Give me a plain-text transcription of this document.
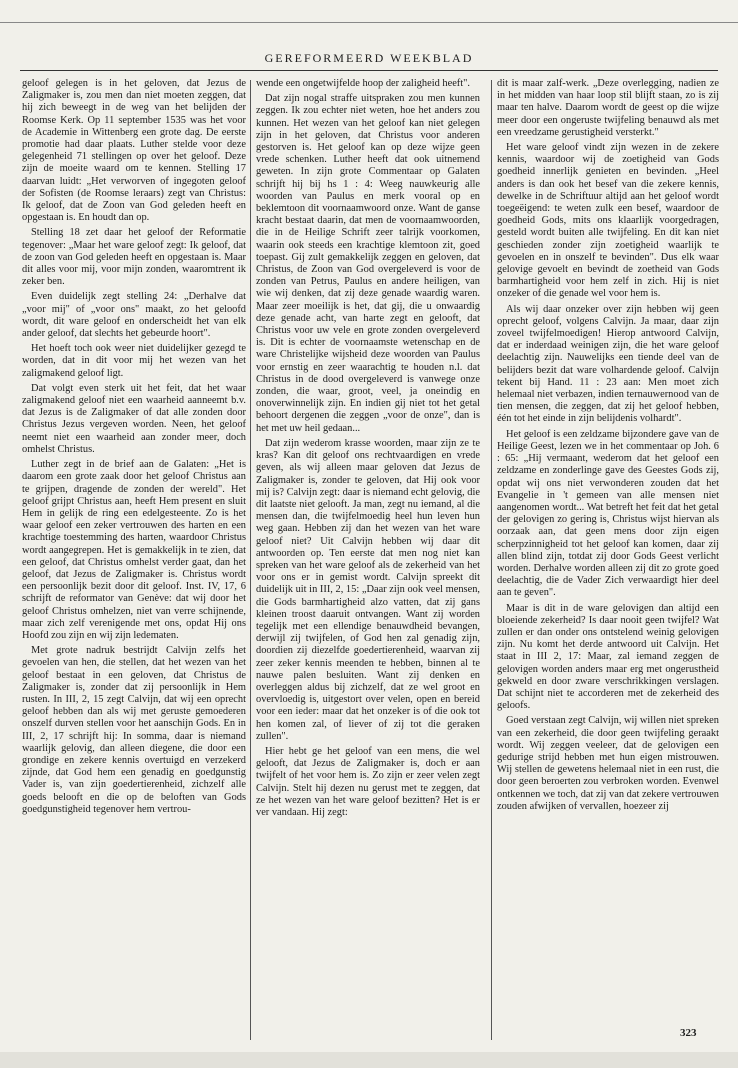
GEREFORMEERD WEEKBLAD

geloof gelegen is in het geloven, dat Jezus de Zaligmaker is, zou men dan niet moeten zeggen, dat hij zich beweegt in de weg van het belijden der Roomse Kerk. Op 11 september 1535 was het voor de Academie in Wittenberg een grote dag. De eerste promotie had daar plaats. Luther stelde voor deze gelegenheid 71 stellingen op over het geloof. Deze zijn de moeite waard om te kennen. Stelling 17 daarvan luidt: „Het verworven of ingegoten geloof der Sofisten (de Roomse leraars) zegt van Christus: Ik geloof, dat de Zoon van God geleden heeft en opgestaan is. En houdt dan op.

Stelling 18 zet daar het geloof der Reformatie tegenover: „Maar het ware geloof zegt: Ik geloof, dat de zoon van God geleden heeft en opgestaan is. Maar dit alles voor mij, voor mijn zonden, waaromtrent ik zeker ben.

Even duidelijk zegt stelling 24: „Derhalve dat „voor mij" of „voor ons" maakt, zo het geloofd wordt, dit ware geloof en onderscheidt het van elk ander geloof, dat slechts het gebeurde hoort".

Het hoeft toch ook weer niet duidelijker gezegd te worden, dat in dit voor mij het wezen van het zaligmakend geloof ligt.

Dat volgt even sterk uit het feit, dat het waar zaligmakend geloof niet een waarheid aanneemt b.v. dat Jezus is de Zaligmaker of dat alle zonden door Christus Jezus vergeven worden. Neen, het geloof neemt niet een waarheid aan zonder meer, doch omhelst Christus.

Luther zegt in de brief aan de Galaten: „Het is daarom een grote zaak door het geloof Christus aan te grijpen, dragende de zonden der wereld". Het geloof grijpt Christus aan, heeft Hem present en sluit Hem in gelijk de ring een edelgesteente. Zo is het waar geloof een zeker vertrouwen des harten en een krachtige toestemming des harten, waardoor Christus wordt aangegrepen. Het is gemakkelijk in te zien, dat een geloof, dat Christus omhelst verder gaat, dan het geloof, dat Jezus de Zaligmaker is. Christus wordt een persoonlijk bezit door dit geloof. Inst. IV, 17, 6 schrijft de reformator van Genève: dat wij door het geloof Christus omhelzen, niet van verre schijnende, maar zich zelf verenigende met ons, opdat Hij ons Hoofd zou zijn en wij zijn ledematen.

Met grote nadruk bestrijdt Calvijn zelfs het gevoelen van hen, die stellen, dat het wezen van het geloof bestaat in een geloven, dat Christus de Zaligmaker is, zonder dat zij persoonlijk in Hem rusten. In III, 2, 15 zegt Calvijn, dat wij een oprecht geloof hebben dan als wij met geruste gemoederen onszelf durven stellen voor het aanschijn Gods. En in III, 2, 17 schrijft hij: In somma, daar is niemand waarlijk gelovig, dan alleen diegene, die door een grondige en zekere kennis overtuigd en verzekerd zijnde, dat God hem een genadig en goedgunstig Vader is, van zijn goedertierenheid, zichzelf alle goeds belooft en die op de beloften van Gods goedgunstigheid tegenover hem vertrou-

wende een ongetwijfelde hoop der zaligheid heeft".

Dat zijn nogal straffe uitspraken zou men kunnen zeggen. Ik zou echter niet weten, hoe het anders zou kunnen. Het wezen van het geloof kan niet gelegen zijn in het geloven, dat Christus voor anderen gestorven is. Het geloof kan op deze wijze geen vrede schenken. Luther heeft dat ook uitnemend geweten. In zijn grote Commentaar op Galaten schrijft hij bij hs 1 : 4: Weeg nauwkeurig alle woorden van Paulus en merk vooral op en beklemtoon dit voornaamwoord onze. Want de ganse kracht bestaat daarin, dat men de voornaamwoorden, die in de Heilige Schrift zeer talrijk voorkomen, waarin ook steeds een krachtige klemtoon zit, goed toepast. Gij zult gemakkelijk zeggen en geloven, dat Christus, de Zoon van God overgeleverd is voor de zonden van Petrus, Paulus en andere heiligen, van wie wij denken, dat zij deze genade waardig waren. Maar zeer moeilijk is het, dat gij, die u onwaardig deze genade acht, van harte zegt en gelooft, dat Christus voor uw vele en grote zonden overgeleverd is. Dit is echter de voornaamste wetenschap en de ware Christelijke wijsheid deze woorden van Paulus voor ernstig en zeer waarachtig te houden n.l. dat Christus in de dood overgeleverd is vanwege onze zonden, die waar, groot, veel, ja oneindig en onoverwinnelijk zijn. En indien gij niet tot het getal behoort dergenen die zeggen „voor de onze", dan is het met uw heil gedaan...

Dat zijn wederom krasse woorden, maar zijn ze te kras? Kan dit geloof ons rechtvaardigen en vrede geven, als wij alleen maar geloven dat Jezus de Zaligmaker is, zonder te geloven, dat Hij ook voor mij is? Calvijn zegt: daar is niemand echt gelovig, die dit laatste niet gelooft. Ja man, zegt nu iemand, al die mensen dan, die twijfelmoedig heel hun leven hun weg gaan. Hebben zij dan het wezen van het ware geloof niet? Uit Calvijn hebben wij daar dit antwoorden op. Ten eerste dat men nog niet kan spreken van het ware geloof als de zekerheid van het voor ons er in gemist wordt. Calvijn spreekt dit duidelijk uit in III, 2, 15: „Daar zijn ook veel mensen, die Gods barmhartigheid alzo vatten, dat zij gans kleinen troost daaruit ontvangen. Want zij worden tegelijk met een ellendige benauwdheid bevangen, derwijl zij twijfelen, of God hen zal genadig zijn, doordien zij diezelfde goedertierenheid, waarvan zij zeer zeker kennis meenden te hebben, binnen al te nauwe palen besluiten. Want zij denken en overleggen aldus bij zichzelf, dat ze wel groot en overvloedig is, uitgestort over velen, open en bereid voor een ieder: maar dat het onzeker is of die ook tot hen komen zal, of liever of zij tot die geraken zullen".

Hier hebt ge het geloof van een mens, die wel gelooft, dat Jezus de Zaligmaker is, doch er aan twijfelt of het voor hem is. Zo zijn er zeer velen zegt Calvijn. Stelt hij dezen nu gerust met te zeggen, dat ze het wezen van het ware geloof bezitten? Het is er ver vandaan. Hij zegt:

dit is maar zalf-werk. „Deze overlegging, nadien ze in het midden van haar loop stil blijft staan, zo is zij maar ten halve. Daarom wordt de geest op die wijze meer door een ongeruste twijfeling benauwd als met een vreedzame gerustigheid versterkt."

Het ware geloof vindt zijn wezen in de zekere kennis, waardoor wij de zoetigheid van Gods goedheid innerlijk genieten en bevinden. „Heel anders is dan ook het besef van die zekere kennis, dewelke in de Schriftuur altijd aan het geloof wordt toegeëigend: te weten zulk een besef, waardoor de goedheid Gods, mits ons klaarlijk voorgedragen, gesteld wordt buiten alle twijfeling. En dit kan niet geschieden zonder zijn zoetigheid waarlijk te gevoelen en in onszelf te bevinden". Dus elk waar gelovige gevoelt en bevindt de zoetheid van Gods barmhartigheid voor hem zelf in zich. Hij is niet onzeker of die genade wel voor hem is.

Als wij daar onzeker over zijn hebben wij geen oprecht geloof, volgens Calvijn. Ja maar, daar zijn zoveel twijfelmoedigen! Hierop antwoord Calvijn, dat er inderdaad weinigen zijn, die het ware geloof deelachtig zijn. Nauwelijks een tiende deel van de belijders bezit dat ware volhardende geloof. Calvijn tekent bij Hand. 11 : 23 aan: Men moet zich helemaal niet verbazen, indien ternauwernood van de tien mensen, die zeggen, dat zij het geloof hebben, één tot het einde in zijn belijdenis volhardt".

Het geloof is een zeldzame bijzondere gave van de Heilige Geest, lezen we in het commentaar op Joh. 6 : 65: „Hij vermaant, wederom dat het geloof een zeldzame en zonderlinge gave des Geestes Gods zij, opdat wij ons niet verwonderen zouden dat het Evangelie in 't gemeen van alle mensen niet aangenomen wordt... Wat betreft het feit dat het getal der gelovigen zo gering is, Christus wijst hiervan als oorzaak aan, dat geen mens door zijn eigen scherpzinnigheid tot het geloof kan komen, daar zij allen blind zijn, totdat zij door Gods Geest verlicht worden. Derhalve worden alleen zij dit zo grote goed deelachtig, die de Vader Zich verwaardigt hier deel aan te geven".

Maar is dit in de ware gelovigen dan altijd een bloeiende zekerheid? Is daar nooit geen twijfel? Wat zullen er dan onder ons ontstelend weinig gelovigen zijn. Nu komt het derde antwoord uit Calvijn. Het staat in III 2, 17: Maar, zal iemand zeggen de gelovigen worden anders maar erg met ongerustheid gekweld en door zware verschrikkingen verslagen. Dat schijnt niet te accorderen met de zekerheid des geloofs.

Goed verstaan zegt Calvijn, wij willen niet spreken van een zekerheid, die door geen twijfeling geraakt wordt. Wij zeggen veeleer, dat de gelovigen een gedurige strijd hebben met hun eigen mistrouwen. Wij stellen de gewetens helemaal niet in een rust, die door geen beroerten zou verbroken worden. Evenwel ontkennen we toch, dat zij van dat zekere vertrouwen zouden afwijken of vervallen, hoezeer zij

323
